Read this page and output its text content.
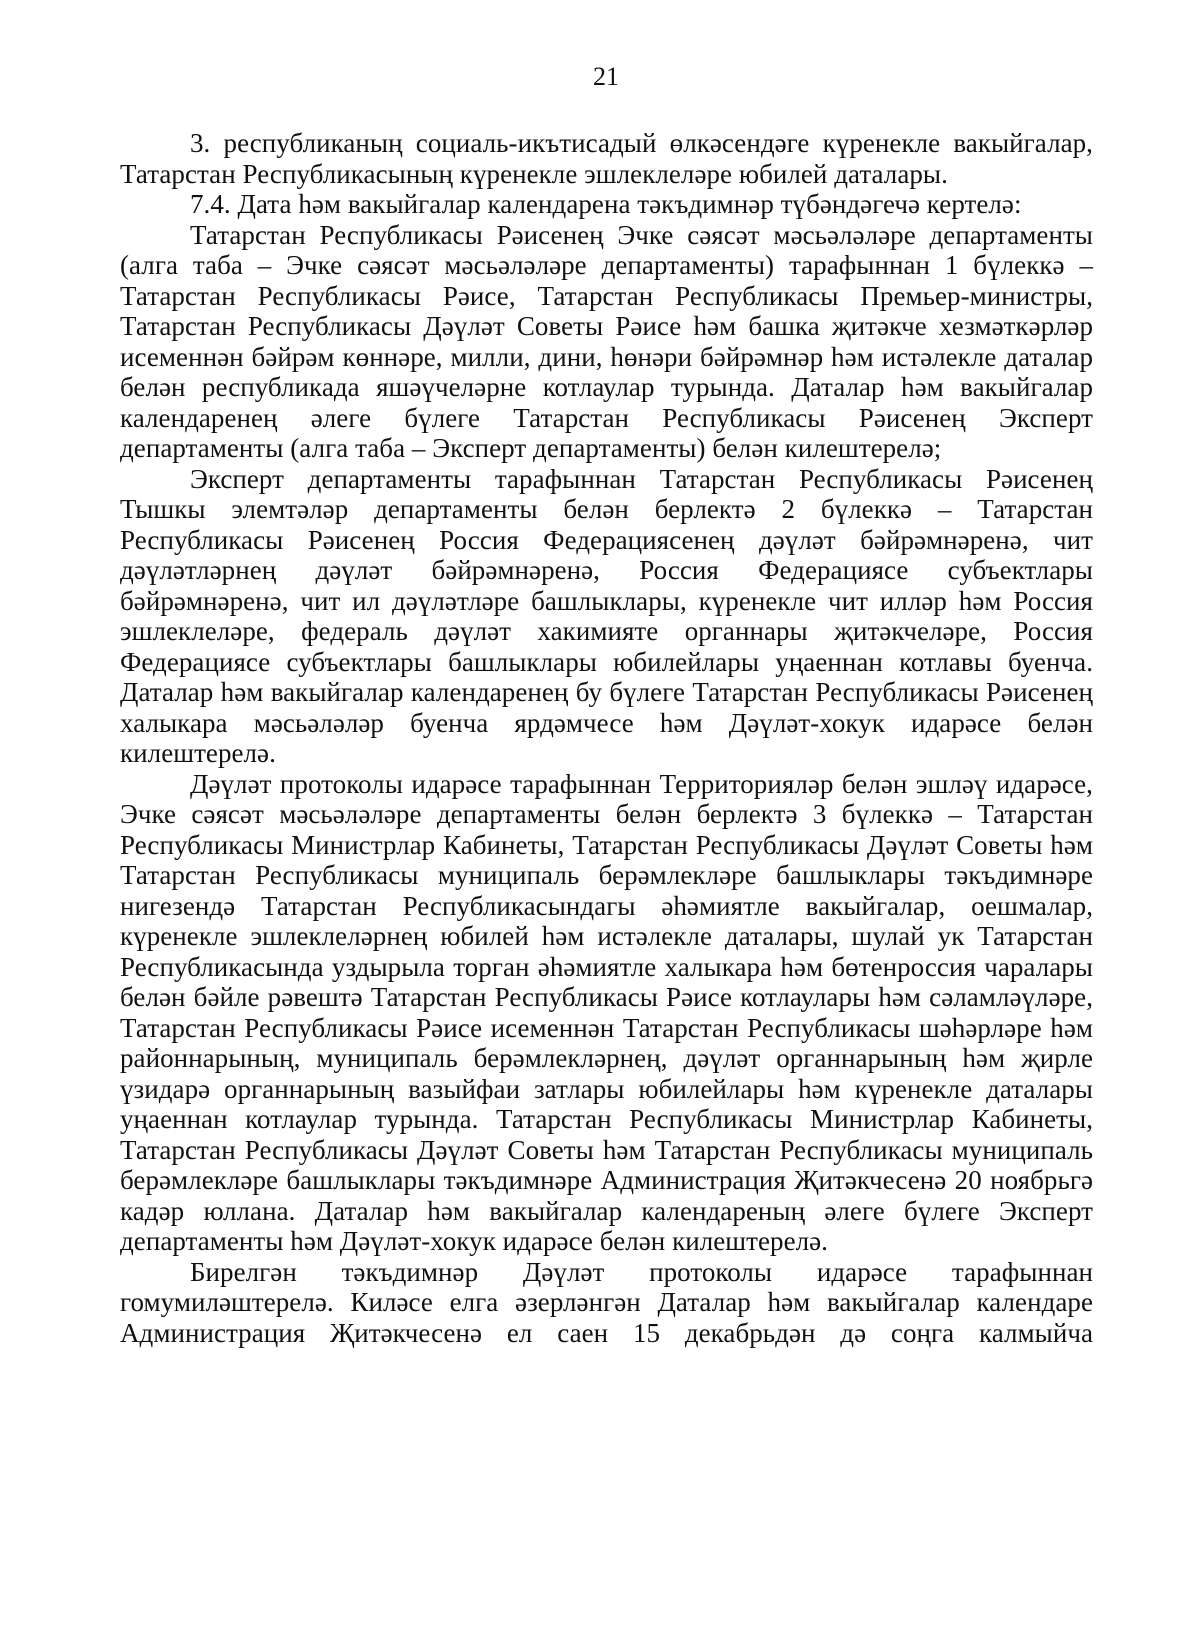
21

3. республиканың социаль-икътисадый өлкәсендәге күренекле вакыйгалар, Татарстан Республикасының күренекле эшлеклеләре юбилей даталары.

7.4. Дата һәм вакыйгалар календарена тәкъдимнәр түбәндәгечә кертелә:

Татарстан Республикасы Рәисенең Эчке сәясәт мәсьәләләре департаменты (алга таба – Эчке сәясәт мәсьәләләре департаменты) тарафыннан 1 бүлеккә – Татарстан Республикасы Рәисе, Татарстан Республикасы Премьер-министры, Татарстан Республикасы Дәүләт Советы Рәисе һәм башка җитәкче хезмәткәрләр исеменнән бәйрәм көннәре, милли, дини, һөнәри бәйрәмнәр һәм истәлекле даталар белән республикада яшәүчеләрне котлаулар турында. Даталар һәм вакыйгалар календаренең әлеге бүлеге Татарстан Республикасы Рәисенең Эксперт департаменты (алга таба – Эксперт департаменты) белән килештерелә;

Эксперт департаменты тарафыннан Татарстан Республикасы Рәисенең Тышкы элемтәләр департаменты белән берлектә 2 бүлеккә – Татарстан Республикасы Рәисенең Россия Федерациясенең дәүләт бәйрәмнәренә, чит дәүләтләрнең дәүләт бәйрәмнәренә, Россия Федерациясе субъектлары бәйрәмнәренә, чит ил дәүләтләре башлыклары, күренекле чит илләр һәм Россия эшлеклеләре, федераль дәүләт хакимияте органнары җитәкчеләре, Россия Федерациясе субъектлары башлыклары юбилейлары уңаеннан котлавы буенча. Даталар һәм вакыйгалар календаренең бу бүлеге Татарстан Республикасы Рәисенең халыкара мәсьәләләр буенча ярдәмчесе һәм Дәүләт-хокук идарәсе белән килештерелә.

Дәүләт протоколы идарәсе тарафыннан Территорияләр белән эшләү идарәсе, Эчке сәясәт мәсьәләләре департаменты белән берлектә 3 бүлеккә – Татарстан Республикасы Министрлар Кабинеты, Татарстан Республикасы Дәүләт Советы һәм Татарстан Республикасы муниципаль берәмлекләре башлыклары тәкъдимнәре нигезендә Татарстан Республикасындагы әһәмиятле вакыйгалар, оешмалар, күренекле эшлеклеләрнең юбилей һәм истәлекле даталары, шулай ук Татарстан Республикасында уздырыла торган әһәмиятле халыкара һәм бөтенроссия чаралары белән бәйле рәвештә Татарстан Республикасы Рәисе котлаулары һәм сәламләүләре, Татарстан Республикасы Рәисе исеменнән Татарстан Республикасы шәһәрләре һәм районнарының, муниципаль берәмлекләрнең, дәүләт органнарының һәм җирле үзидарә органнарының вазыйфаи затлары юбилейлары һәм күренекле даталары уңаеннан котлаулар турында. Татарстан Республикасы Министрлар Кабинеты, Татарстан Республикасы Дәүләт Советы һәм Татарстан Республикасы муниципаль берәмлекләре башлыклары тәкъдимнәре Администрация Җитәкчесенә 20 ноябрьгә кадәр юллана. Даталар һәм вакыйгалар календареның әлеге бүлеге Эксперт департаменты һәм Дәүләт-хокук идарәсе белән килештерелә.

Бирелгән тәкъдимнәр Дәүләт протоколы идарәсе тарафыннан гомумиләштерелә. Киләсе елга әзерләнгән Даталар һәм вакыйгалар календаре Администрация Җитәкчесенә ел саен 15 декабрьдән дә соңга калмыйча
